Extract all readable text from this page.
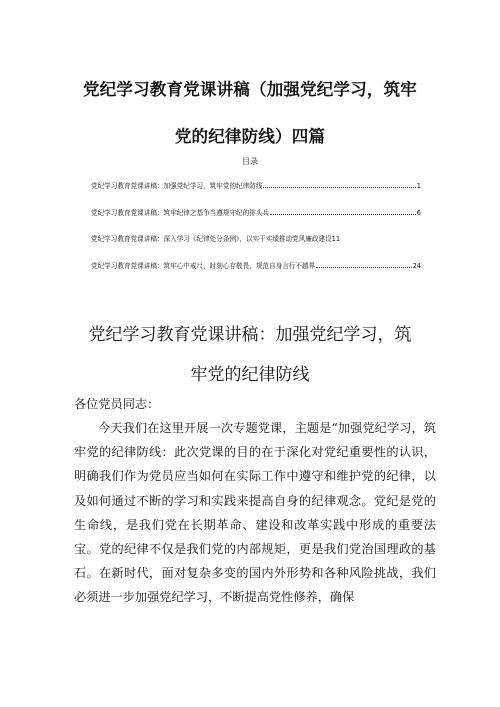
党纪学习教育党课讲稿（加强党纪学习，筑牢
党的纪律防线）四篇
目录
党纪学习教育党课讲稿：加强党纪学习，筑牢党的纪律防线	1
党纪学习教育党课讲稿：筑牢纪律之基争当遵规守纪的排头兵	6
党纪学习教育党课讲稿：深入学习《纪律处分条例》，以实干实绩推动党风廉政建设 11
党纪学习教育党课讲稿：筑牢心中戒尺，时刻心存敬畏，规范自身言行不越界	24
党纪学习教育党课讲稿：加强党纪学习，筑
牢党的纪律防线
各位党员同志：

今天我们在这里开展一次专题党课，主题是“加强党纪学习，筑牢党的纪律防线：此次党课的目的在于深化对党纪重要性的认识，明确我们作为党员应当如何在实际工作中遵守和维护党的纪律，以及如何通过不断的学习和实践来提高自身的纪律观念。党纪是党的生命线，是我们党在长期革命、建设和改革实践中形成的重要法宝。党的纪律不仅是我们党的内部规矩，更是我们党治国理政的基石。在新时代，面对复杂多变的国内外形势和各种风险挑战，我们必须进一步加强党纪学习，不断提高党性修养，确保
